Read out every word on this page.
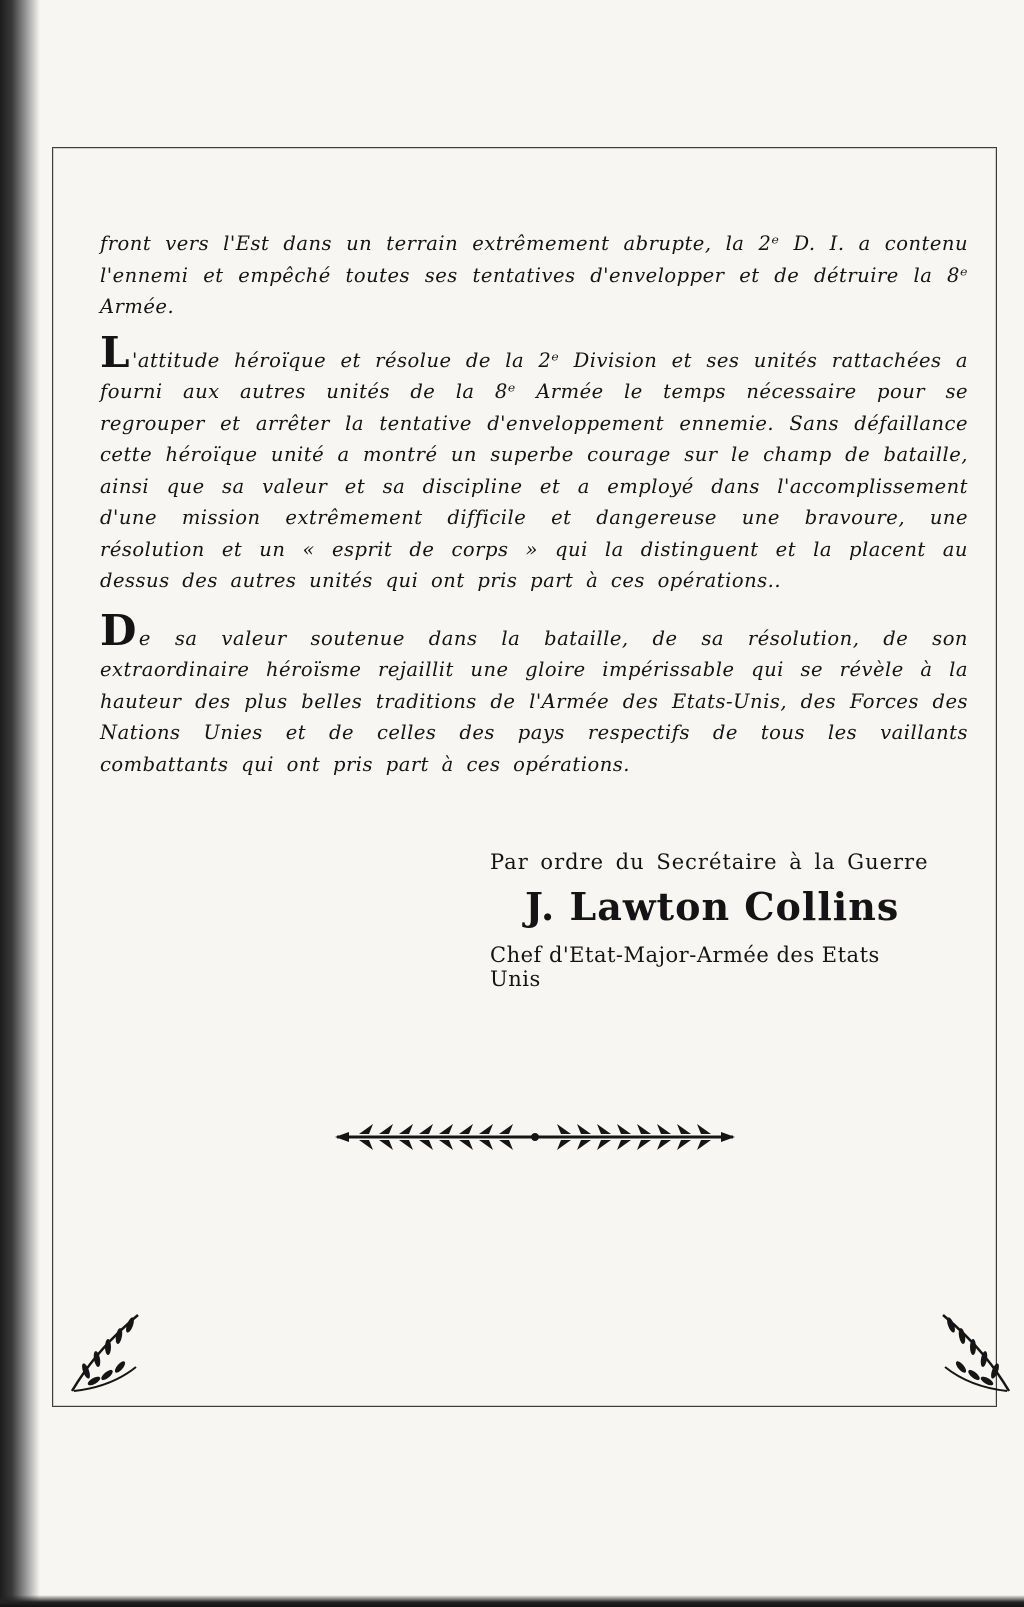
front vers l'Est dans un terrain extrêmement abrupte, la 2ᵉ D. I. a contenu l'ennemi et empêché toutes ses tentatives d'envelopper et de détruire la 8ᵉ Armée.

L 'attitude héroïque et résolue de la 2ᵉ Division et ses unités rattachées a fourni aux autres unités de la 8ᵉ Armée le temps nécessaire pour se regrouper et arrêter la tentative d'enveloppement ennemie. Sans défaillance cette héroïque unité a montré un superbe courage sur le champ de bataille, ainsi que sa valeur et sa discipline et a employé dans l'accomplissement d'une mission extrêmement difficile et dangereuse une bravoure, une résolution et un « esprit de corps » qui la distinguent et la placent au dessus des autres unités qui ont pris part à ces opérations..

De sa valeur soutenue dans la bataille, de sa résolution, de son extraordinaire héroïsme rejaillit une gloire impérissable qui se révèle à la hauteur des plus belles traditions de l'Armée des Etats-Unis, des Forces des Nations Unies et de celles des pays respectifs de tous les vaillants combattants qui ont pris part à ces opérations.

Par ordre du Secrétaire à la Guerre
J. Lawton Collins
Chef d'Etat-Major-Armée des Etats Unis
